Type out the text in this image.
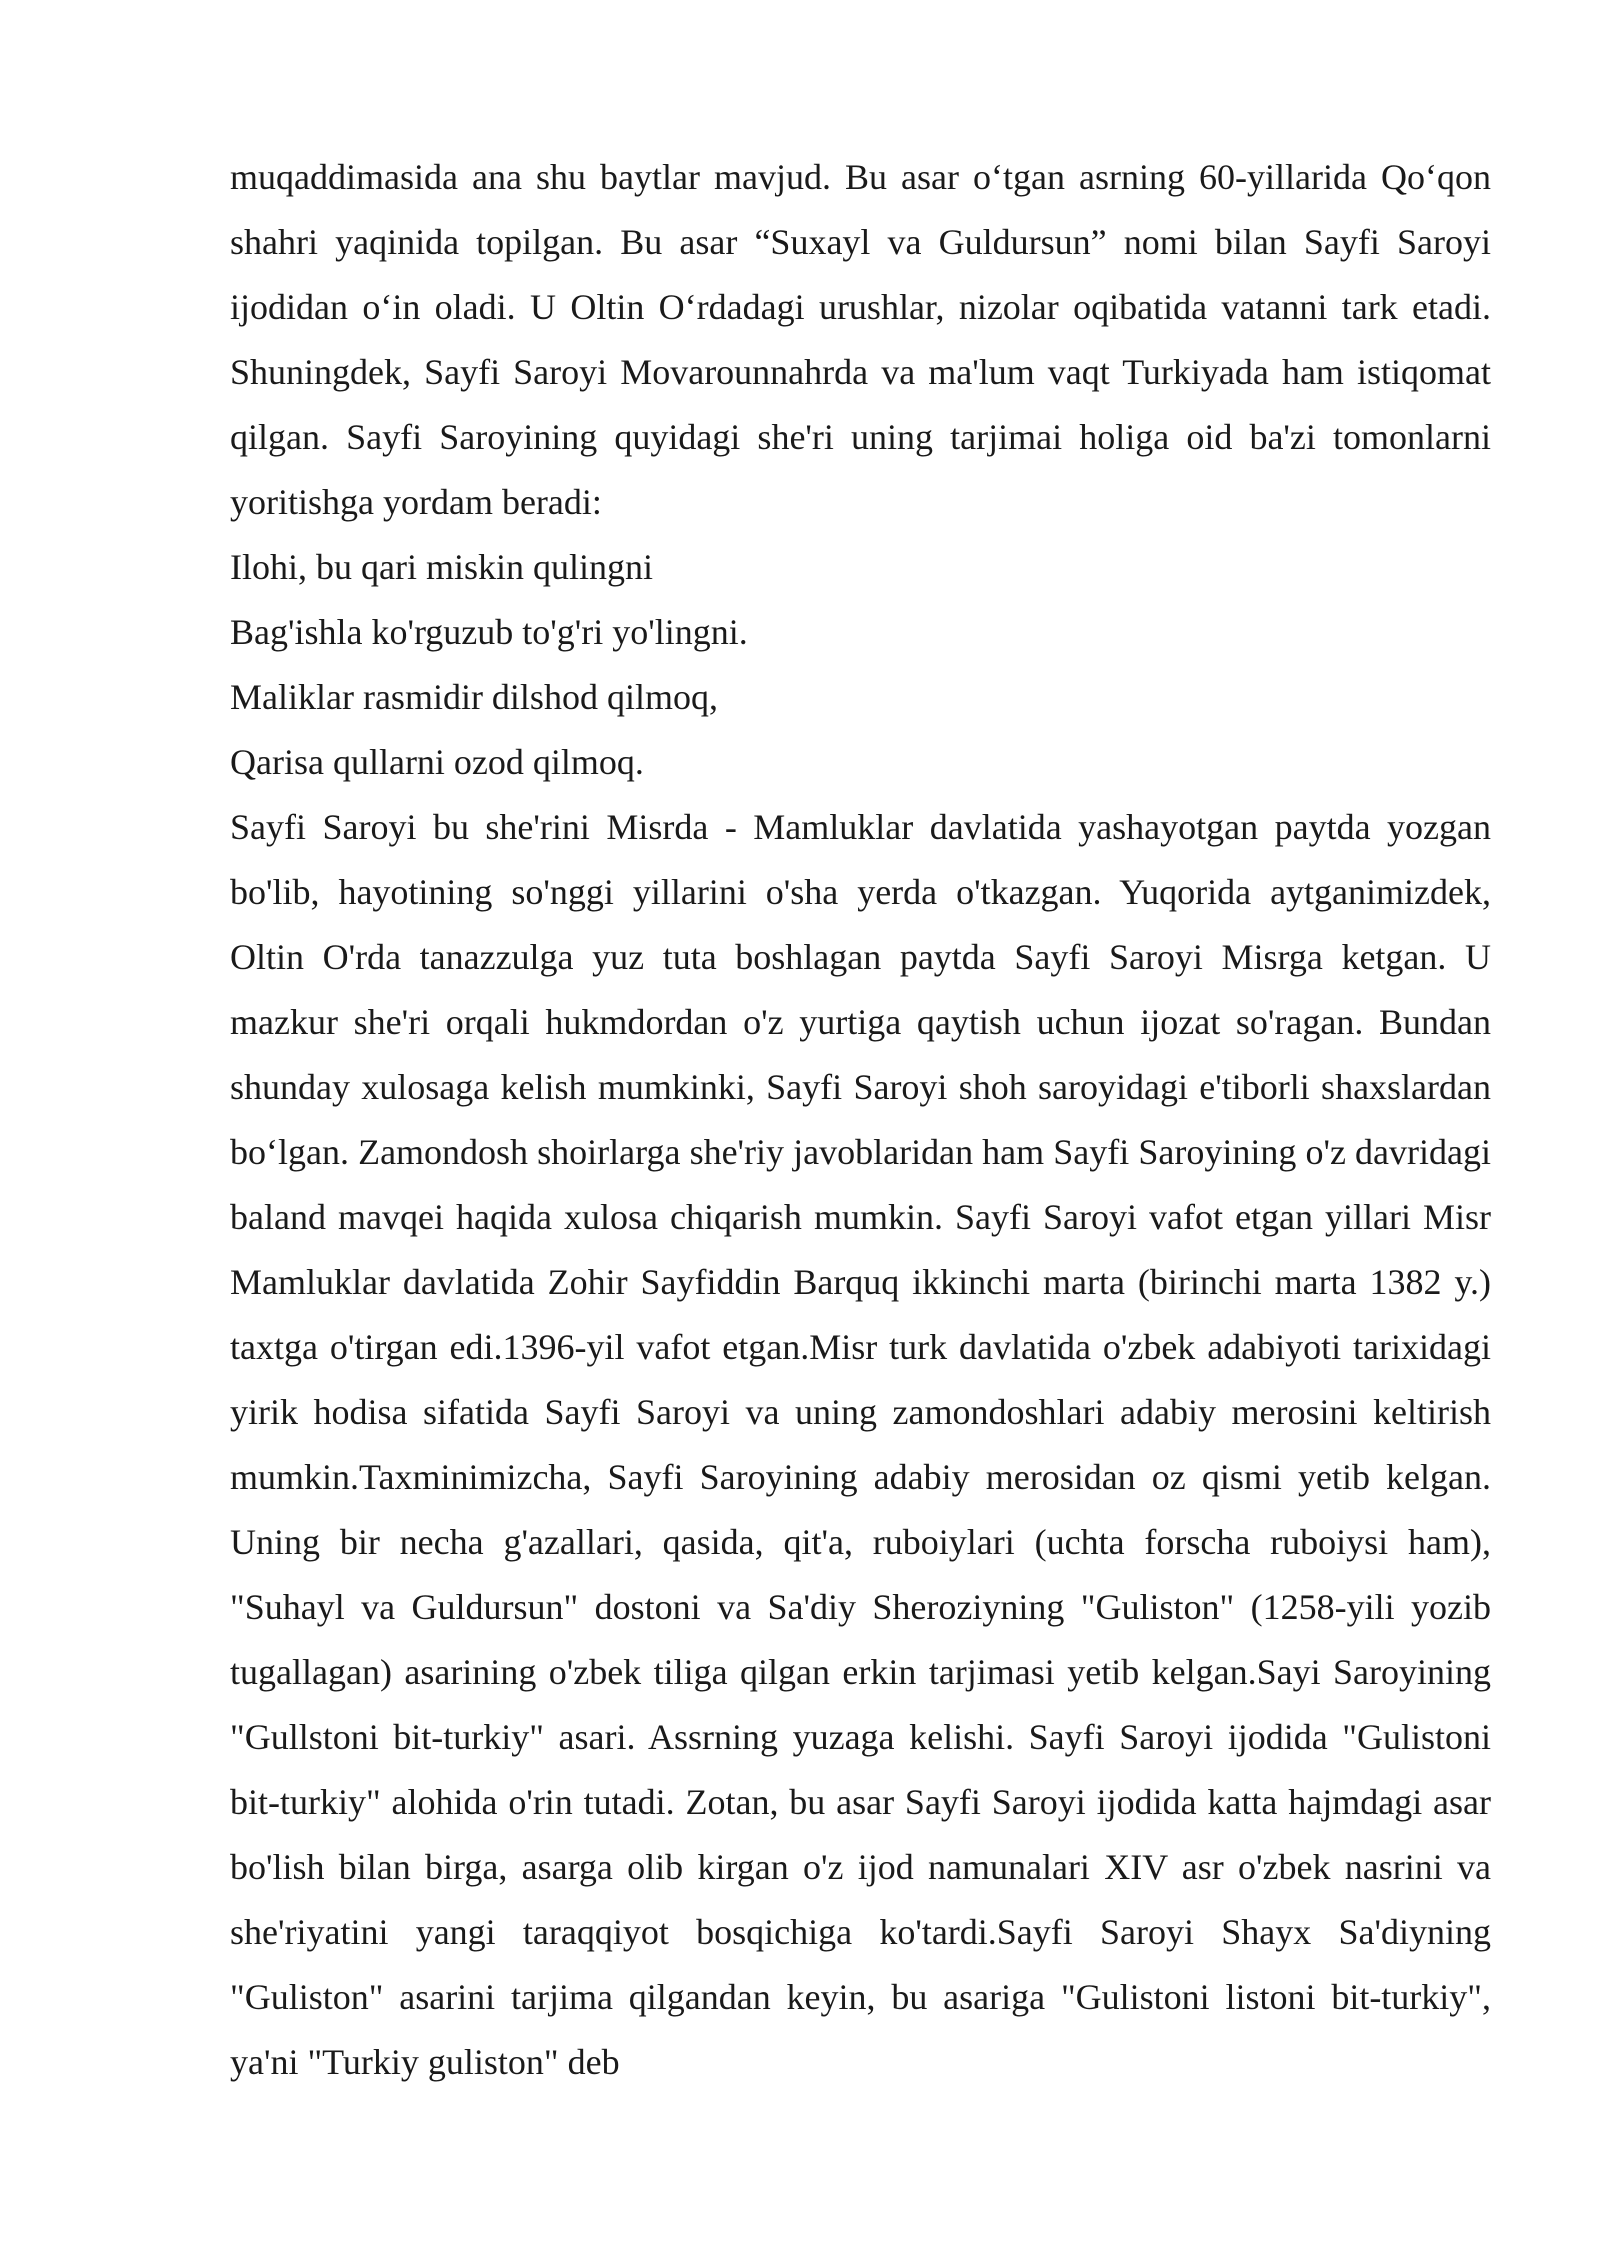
muqaddimasida ana shu baytlar mavjud. Bu asar o‘tgan asrning 60-yillarida Qo‘qon shahri yaqinida topilgan. Bu asar “Suxayl va Guldursun” nomi bilan Sayfi Saroyi ijodidan o‘in oladi. U Oltin O‘rdadagi urushlar, nizolar oqibatida vatanni tark etadi. Shuningdek, Sayfi Saroyi Movarounnahrda va ma'lum vaqt Turkiyada ham istiqomat qilgan. Sayfi Saroyining quyidagi she'ri uning tarjimai holiga oid ba'zi tomonlarni yoritishga yordam beradi:

Ilohi, bu qari miskin qulingni

Bag'ishla ko'rguzub to'g'ri yo'lingni.

Maliklar rasmidir dilshod qilmoq,

Qarisa qullarni ozod qilmoq.

Sayfi Saroyi bu she'rini Misrda - Mamluklar davlatida yashayotgan paytda yozgan bo'lib, hayotining so'nggi yillarini o'sha yerda o'tkazgan. Yuqorida aytganimizdek, Oltin O'rda tanazzulga yuz tuta boshlagan paytda Sayfi Saroyi Misrga ketgan. U mazkur she'ri orqali hukmdordan o'z yurtiga qaytish uchun ijozat so'ragan. Bundan shunday xulosaga kelish mumkinki, Sayfi Saroyi shoh saroyidagi e'tiborli shaxslardan bo‘lgan. Zamondosh shoirlarga she'riy javoblaridan ham Sayfi Saroyining o'z davridagi baland mavqei haqida xulosa chiqarish mumkin. Sayfi Saroyi vafot etgan yillari Misr Mamluklar davlatida Zohir Sayfiddin Barquq ikkinchi marta (birinchi marta 1382 y.) taxtga o'tirgan edi.1396-yil vafot etgan.Misr turk davlatida o'zbek adabiyoti tarixidagi yirik hodisa sifatida Sayfi Saroyi va uning zamondoshlari adabiy merosini keltirish mumkin.Taxminimizcha, Sayfi Saroyining adabiy merosidan oz qismi yetib kelgan. Uning bir necha g'azallari, qasida, qit'a, ruboiylari (uchta forscha ruboiysi ham), "Suhayl va Guldursun" dostoni va Sa'diy Sheroziyning "Guliston" (1258-yili yozib tugallagan) asarining o'zbek tiliga qilgan erkin tarjimasi yetib kelgan.Sayi Saroyining "Gullstoni bit-turkiy" asari. Assrning yuzaga kelishi. Sayfi Saroyi ijodida "Gulistoni bit-turkiy" alohida o'rin tutadi. Zotan, bu asar Sayfi Saroyi ijodida katta hajmdagi asar bo'lish bilan birga, asarga olib kirgan o'z ijod namunalari XIV asr o'zbek nasrini va she'riyatini yangi taraqqiyot bosqichiga ko'tardi.Sayfi Saroyi Shayx Sa'diyning "Guliston" asarini tarjima qilgandan keyin, bu asariga "Gulistoni listoni bit-turkiy", ya'ni "Turkiy guliston" deb
